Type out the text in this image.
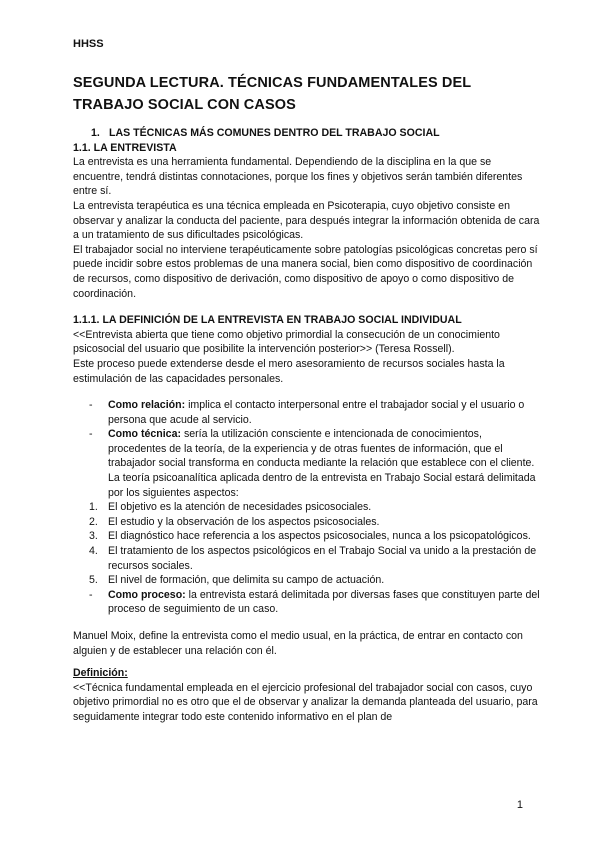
HHSS
SEGUNDA LECTURA. TÉCNICAS FUNDAMENTALES DEL
TRABAJO SOCIAL CON CASOS

1. LAS TÉCNICAS MÁS COMUNES DENTRO DEL TRABAJO SOCIAL

1.1. LA ENTREVISTA

La entrevista es una herramienta fundamental. Dependiendo de la disciplina en la que se encuentre, tendrá distintas connotaciones, porque los fines y objetivos serán también diferentes entre sí.

La entrevista terapéutica es una técnica empleada en Psicoterapia, cuyo objetivo consiste en observar y analizar la conducta del paciente, para después integrar la información obtenida de cara a un tratamiento de sus dificultades psicológicas.

El trabajador social no interviene terapéuticamente sobre patologías psicológicas concretas pero sí puede incidir sobre estos problemas de una manera social, bien como dispositivo de coordinación de recursos, como dispositivo de derivación, como dispositivo de apoyo o como dispositivo de coordinación.

1.1.1. LA DEFINICIÓN DE LA ENTREVISTA EN TRABAJO SOCIAL INDIVIDUAL

<<Entrevista abierta que tiene como objetivo primordial la consecución de un conocimiento psicosocial del usuario que posibilite la intervención posterior>> (Teresa Rossell).

Este proceso puede extenderse desde el mero asesoramiento de recursos sociales hasta la estimulación de las capacidades personales.

- Como relación: implica el contacto interpersonal entre el trabajador social y el usuario o persona que acude al servicio.
- Como técnica: sería la utilización consciente e intencionada de conocimientos, procedentes de la teoría, de la experiencia y de otras fuentes de información, que el trabajador social transforma en conducta mediante la relación que establece con el cliente. La teoría psicoanalítica aplicada dentro de la entrevista en Trabajo Social estará delimitada por los siguientes aspectos:
1. El objetivo es la atención de necesidades psicosociales.
2. El estudio y la observación de los aspectos psicosociales.
3. El diagnóstico hace referencia a los aspectos psicosociales, nunca a los psicopatológicos.
4. El tratamiento de los aspectos psicológicos en el Trabajo Social va unido a la prestación de recursos sociales.
5. El nivel de formación, que delimita su campo de actuación.
- Como proceso: la entrevista estará delimitada por diversas fases que constituyen parte del proceso de seguimiento de un caso.

Manuel Moix, define la entrevista como el medio usual, en la práctica, de entrar en contacto con alguien y de establecer una relación con él.

Definición:

<<Técnica fundamental empleada en el ejercicio profesional del trabajador social con casos, cuyo objetivo primordial no es otro que el de observar y analizar la demanda planteada del usuario, para seguidamente integrar todo este contenido informativo en el plan de

1
